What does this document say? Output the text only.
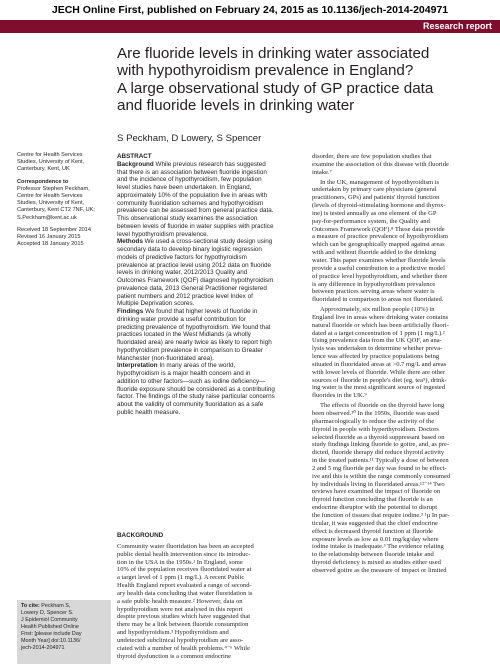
JECH Online First, published on February 24, 2015 as 10.1136/jech-2014-204971
Research report
Are fluoride levels in drinking water associated
with hypothyroidism prevalence in England?
A large observational study of GP practice data
and fluoride levels in drinking water
S Peckham, D Lowery, S Spencer

Centre for Health Services
Studies, University of Kent,
Canterbury, Kent, UK

Correspondence to
Professor Stephen Peckham,
Centre for Health Services
Studies, University of Kent,
Canterbury, Kent CT2 7NF, UK;
S.Peckham@kent.ac.uk

Received 18 September 2014
Revised 16 January 2015
Accepted 18 January 2015

To cite: Peckham S,
Lowery D, Spencer S.
J Epidemiol Community
Health Published Online
First: [please include Day
Month Year] doi:10.1136/
jech-2014-204971
ABSTRACT
Background While previous research has suggested
that there is an association between fluoride ingestion
and the incidence of hypothyroidism, few population
level studies have been undertaken. In England,
approximately 10% of the population live in areas with
community fluoridation schemes and hypothyroidism
prevalence can be assessed from general practice data.
This observational study examines the association
between levels of fluoride in water supplies with practice
level hypothyroidism prevalence.
Methods We used a cross-sectional study design using
secondary data to develop binary logistic regression
models of predictive factors for hypothyroidism
prevalence at practice level using 2012 data on fluoride
levels in drinking water, 2012/2013 Quality and
Outcomes Framework (QOF) diagnosed hypothyroidism
prevalence data, 2013 General Practitioner registered
patient numbers and 2012 practice level Index of
Multiple Deprivation scores.
Findings We found that higher levels of fluoride in
drinking water provide a useful contribution for
predicting prevalence of hypothyroidism. We found that
practices located in the West Midlands (a wholly
fluoridated area) are nearly twice as likely to report high
hypothyroidism prevalence in comparison to Greater
Manchester (non-fluoridated area).
Interpretation In many areas of the world,
hypothyroidism is a major health concern and in
addition to other factors—such as iodine deficiency—
fluoride exposure should be considered as a contributing
factor. The findings of the study raise particular concerns
about the validity of community fluoridation as a safe
public health measure.
BACKGROUND
Community water fluoridation has been an accepted
public dental health intervention since its introduc-
tion in the USA in the 1950s.¹ In England, some
10% of the population receives fluoridated water at
a target level of 1 ppm (1 mg/L). A recent Public
Health England report evaluated a range of second-
ary health data concluding that water fluoridation is
a safe public health measure.² However, data on
hypothyroidism were not analysed in this report
despite previous studies which have suggested that
there may be a link between fluoride consumption
and hypothyroidism.³ Hypothyroidism and
undetected subclinical hypothyroidism are asso-
ciated with a number of health problems.⁴⁻⁶ While
thyroid dysfunction is a common endocrine
disorder, there are few population studies that
examine the association of this disease with fluoride
intake.⁷
In the UK, management of hypothyroidism is
undertaken by primary care physicians (general
practitioners, GPs) and patients' thyroid function
(levels of thyroid-stimulating hormone and thyrox-
ine) is tested annually as one element of the GP
pay-for-performance system, the Quality and
Outcomes Framework (QOF).⁸ These data provide
a measure of practice prevalence of hypothyroidism
which can be geographically mapped against areas
with and without fluoride added to the drinking
water. This paper examines whether fluoride levels
provide a useful contribution to a predictive model
of practice level hypothyroidism, and whether there
is any difference in hypothyroidism prevalence
between practices serving areas where water is
fluoridated in comparison to areas not fluoridated.
Approximately, six million people (10%) in
England live in areas where drinking water contains
natural fluoride or which has been artificially fluori-
dated at a target concentration of 1 ppm (1 mg/L).²
Using prevalence data from the UK QOF, an ana-
lysis was undertaken to determine whether preva-
lence was affected by practice populations being
situated in fluoridated areas at >0.7 mg/L and areas
with lower levels of fluoride. While there are other
sources of fluoride in people's diet (eg, tea⁹), drink-
ing water is the most significant source of ingested
fluorides in the UK.⁹
The effects of fluoride on the thyroid have long
been observed.¹⁰ In the 1950s, fluoride was used
pharmacologically to reduce the activity of the
thyroid in people with hyperthyroidism. Doctors
selected fluoride as a thyroid suppressant based on
study findings linking fluoride to goitre, and, as pre-
dicted, fluoride therapy did reduce thyroid activity
in the treated patients.¹¹ Typically a dose of between
2 and 5 mg fluoride per day was found to be effect-
ive and this is within the range commonly consumed
by individuals living in fluoridated areas.¹²⁻¹⁴ Two
reviews have examined the impact of fluoride on
thyroid function concluding that fluoride is an
endocrine disruptor with the potential to disrupt
the function of tissues that require iodine.³ ¹µ In par-
ticular, it was suggested that the chief endocrine
effect is decreased thyroid function at fluoride
exposure levels as low as 0.01 mg/kg/day where
iodine intake is inadequate.³ The evidence relating
to the relationship between fluoride intake and
thyroid deficiency is mixed as studies either used
observed goitre as the measure of impact or limited
